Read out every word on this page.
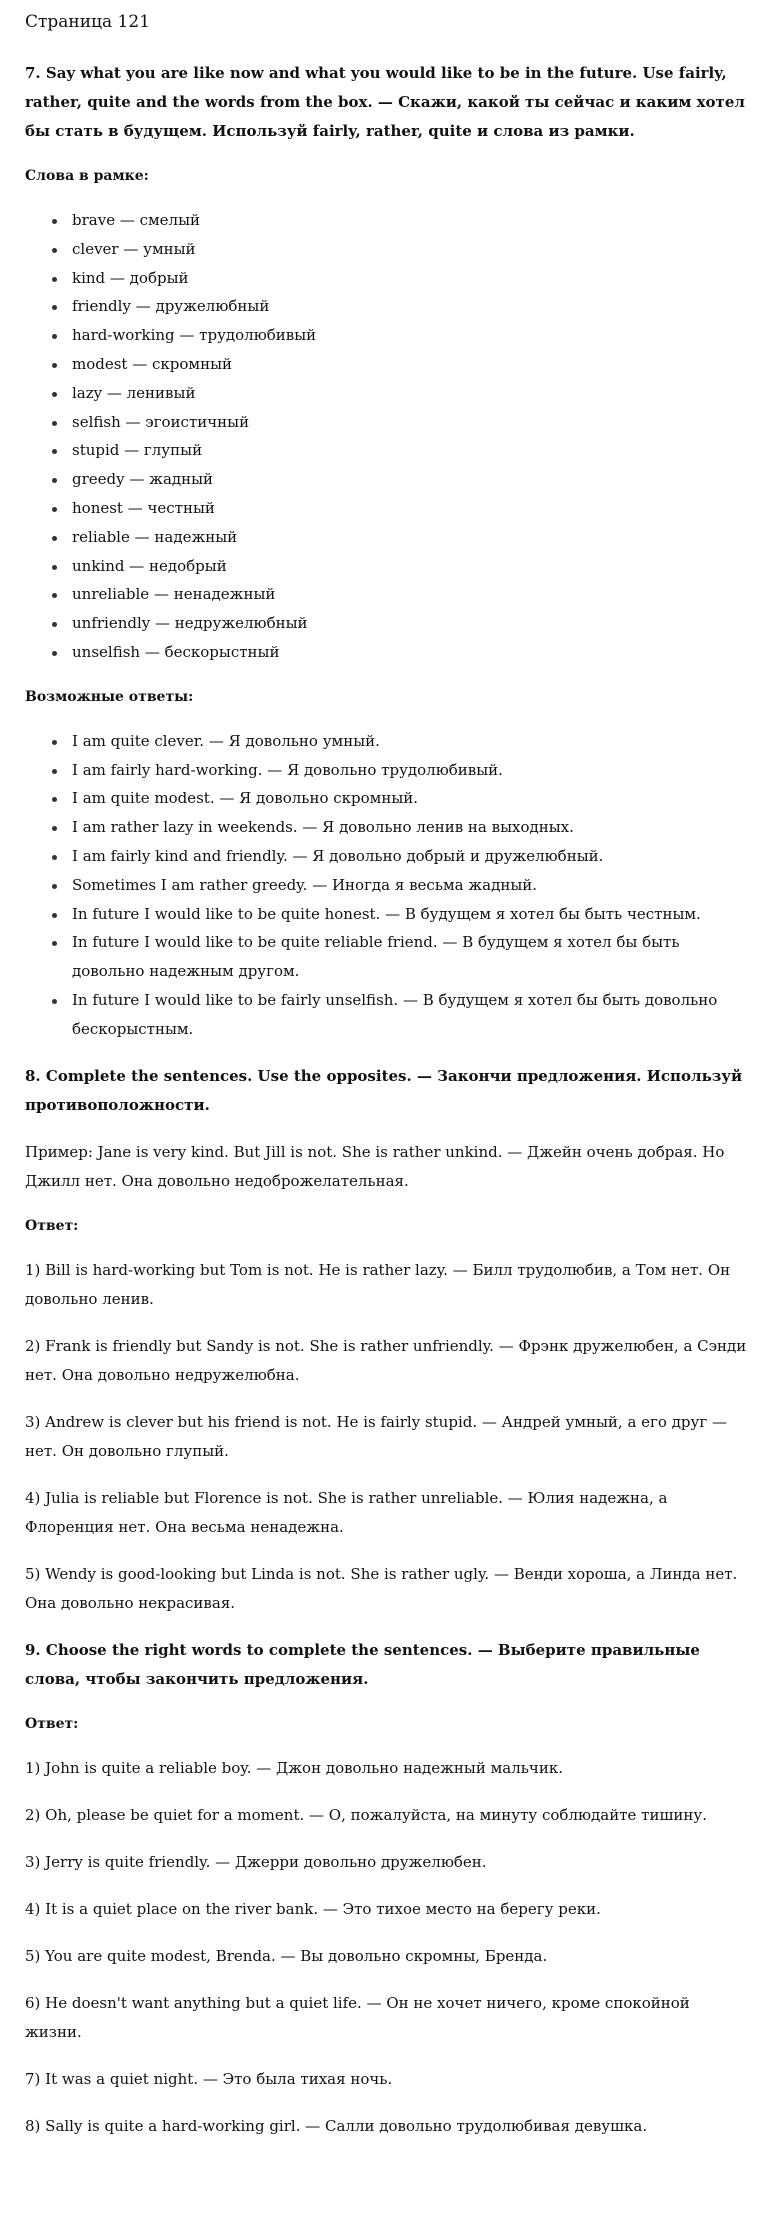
Страница 121

7. Say what you are like now and what you would like to be in the future. Use fairly, rather, quite and the words from the box. — Скажи, какой ты сейчас и каким хотел бы стать в будущем. Используй fairly, rather, quite и слова из рамки.

Слова в рамке:
brave — смелый
clever — умный
kind — добрый
friendly — дружелюбный
hard-working — трудолюбивый
modest — скромный
lazy — ленивый
selfish — эгоистичный
stupid — глупый
greedy — жадный
honest — честный
reliable — надежный
unkind — недобрый
unreliable — ненадежный
unfriendly — недружелюбный
unselfish — бескорыстный
Возможные ответы:
I am quite clever. — Я довольно умный.
I am fairly hard-working. — Я довольно трудолюбивый.
I am quite modest. — Я довольно скромный.
I am rather lazy in weekends. — Я довольно ленив на выходных.
I am fairly kind and friendly. — Я довольно добрый и дружелюбный.
Sometimes I am rather greedy. — Иногда я весьма жадный.
In future I would like to be quite honest. — В будущем я хотел бы быть честным.
In future I would like to be quite reliable friend. — В будущем я хотел бы быть довольно надежным другом.
In future I would like to be fairly unselfish. — В будущем я хотел бы быть довольно бескорыстным.

8. Complete the sentences. Use the opposites. — Закончи предложения. Используй противоположности.

Пример: Jane is very kind. But Jill is not. She is rather unkind. — Джейн очень добрая. Но Джилл нет. Она довольно недоброжелательная.

Ответ:

1) Bill is hard-working but Tom is not. He is rather lazy. — Билл трудолюбив, а Том нет. Он довольно ленив.

2) Frank is friendly but Sandy is not. She is rather unfriendly. — Фрэнк дружелюбен, а Сэнди нет. Она довольно недружелюбна.

3) Andrew is clever but his friend is not. He is fairly stupid. — Андрей умный, а его друг — нет. Он довольно глупый.

4) Julia is reliable but Florence is not. She is rather unreliable. — Юлия надежна, а Флоренция нет. Она весьма ненадежна.

5) Wendy is good-looking but Linda is not. She is rather ugly. — Венди хороша, а Линда нет. Она довольно некрасивая.

9. Choose the right words to complete the sentences. — Выберите правильные слова, чтобы закончить предложения.

Ответ:

1) John is quite a reliable boy. — Джон довольно надежный мальчик.

2) Oh, please be quiet for a moment. — О, пожалуйста, на минуту соблюдайте тишину.

3) Jerry is quite friendly. — Джерри довольно дружелюбен.

4) It is a quiet place on the river bank. — Это тихое место на берегу реки.

5) You are quite modest, Brenda. — Вы довольно скромны, Бренда.

6) He doesn't want anything but a quiet life. — Он не хочет ничего, кроме спокойной жизни.

7) It was a quiet night. — Это была тихая ночь.

8) Sally is quite a hard-working girl. — Салли довольно трудолюбивая девушка.
